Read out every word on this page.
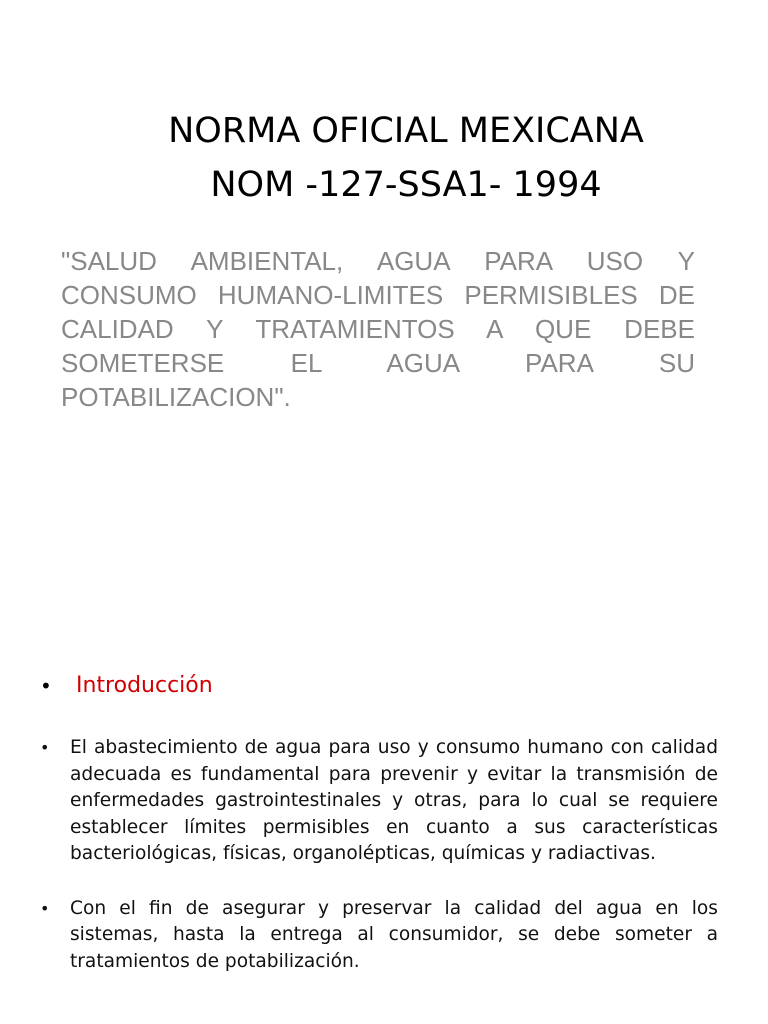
NORMA OFICIAL MEXICANA
NOM -127-SSA1- 1994

"SALUD AMBIENTAL, AGUA PARA USO Y CONSUMO HUMANO-LIMITES PERMISIBLES DE CALIDAD Y TRATAMIENTOS A QUE DEBE SOMETERSE EL AGUA PARA SU POTABILIZACION".

• Introducción
• El abastecimiento de agua para uso y consumo humano con calidad adecuada es fundamental para prevenir y evitar la transmisión de enfermedades gastrointestinales y otras, para lo cual se requiere establecer límites permisibles en cuanto a sus características bacteriológicas, físicas, organolépticas, químicas y radiactivas.
• Con el fin de asegurar y preservar la calidad del agua en los sistemas, hasta la entrega al consumidor, se debe someter a tratamientos de potabilización.
